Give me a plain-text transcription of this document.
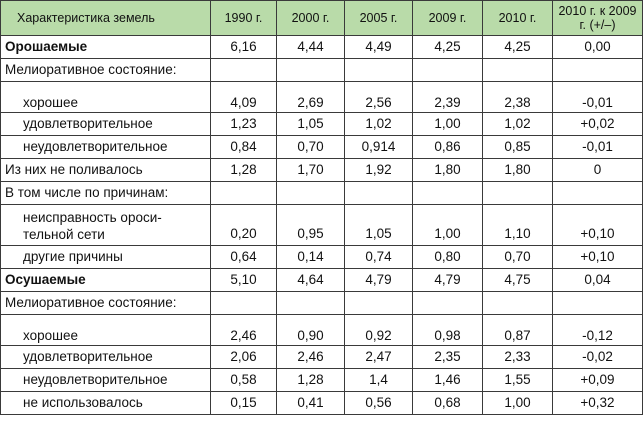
Характеристика земель	1990 г.	2000 г.	2005 г.	2009 г.	2010 г.	2010 г. к 2009 г. (+/–)
Орошаемые	6,16	4,44	4,49	4,25	4,25	0,00
Мелиоративное состояние:						
хорошее	4,09	2,69	2,56	2,39	2,38	-0,01
удовлетворительное	1,23	1,05	1,02	1,00	1,02	+0,02
неудовлетворительное	0,84	0,70	0,914	0,86	0,85	-0,01
Из них не поливалось	1,28	1,70	1,92	1,80	1,80	0
В том числе по причинам:						
неисправность ороси-тельной сети	0,20	0,95	1,05	1,00	1,10	+0,10
другие причины	0,64	0,14	0,74	0,80	0,70	+0,10
Осушаемые	5,10	4,64	4,79	4,79	4,75	0,04
Мелиоративное состояние:						
хорошее	2,46	0,90	0,92	0,98	0,87	-0,12
удовлетворительное	2,06	2,46	2,47	2,35	2,33	-0,02
неудовлетворительное	0,58	1,28	1,4	1,46	1,55	+0,09
не использовалось	0,15	0,41	0,56	0,68	1,00	+0,32
